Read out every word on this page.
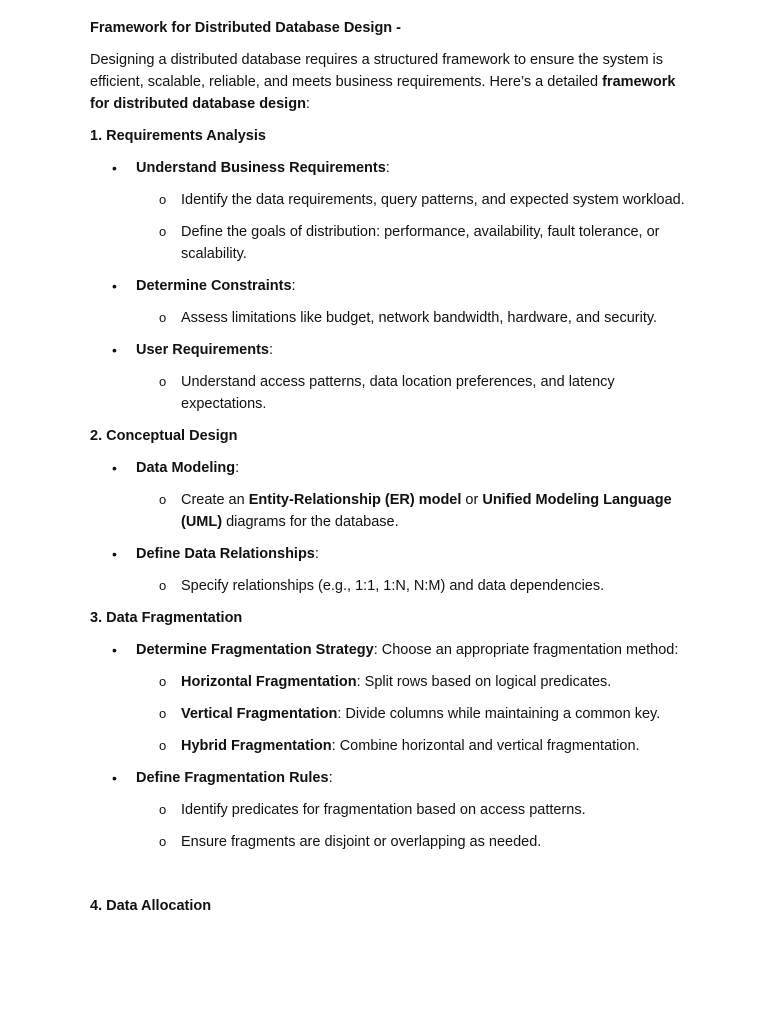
Framework for Distributed Database Design -
Designing a distributed database requires a structured framework to ensure the system is efficient, scalable, reliable, and meets business requirements. Here’s a detailed framework for distributed database design:
1. Requirements Analysis
• Understand Business Requirements:
o Identify the data requirements, query patterns, and expected system workload.
o Define the goals of distribution: performance, availability, fault tolerance, or scalability.
• Determine Constraints:
o Assess limitations like budget, network bandwidth, hardware, and security.
• User Requirements:
o Understand access patterns, data location preferences, and latency expectations.
2. Conceptual Design
• Data Modeling:
o Create an Entity-Relationship (ER) model or Unified Modeling Language (UML) diagrams for the database.
• Define Data Relationships:
o Specify relationships (e.g., 1:1, 1:N, N:M) and data dependencies.
3. Data Fragmentation
• Determine Fragmentation Strategy: Choose an appropriate fragmentation method:
o Horizontal Fragmentation: Split rows based on logical predicates.
o Vertical Fragmentation: Divide columns while maintaining a common key.
o Hybrid Fragmentation: Combine horizontal and vertical fragmentation.
• Define Fragmentation Rules:
o Identify predicates for fragmentation based on access patterns.
o Ensure fragments are disjoint or overlapping as needed.
4. Data Allocation
